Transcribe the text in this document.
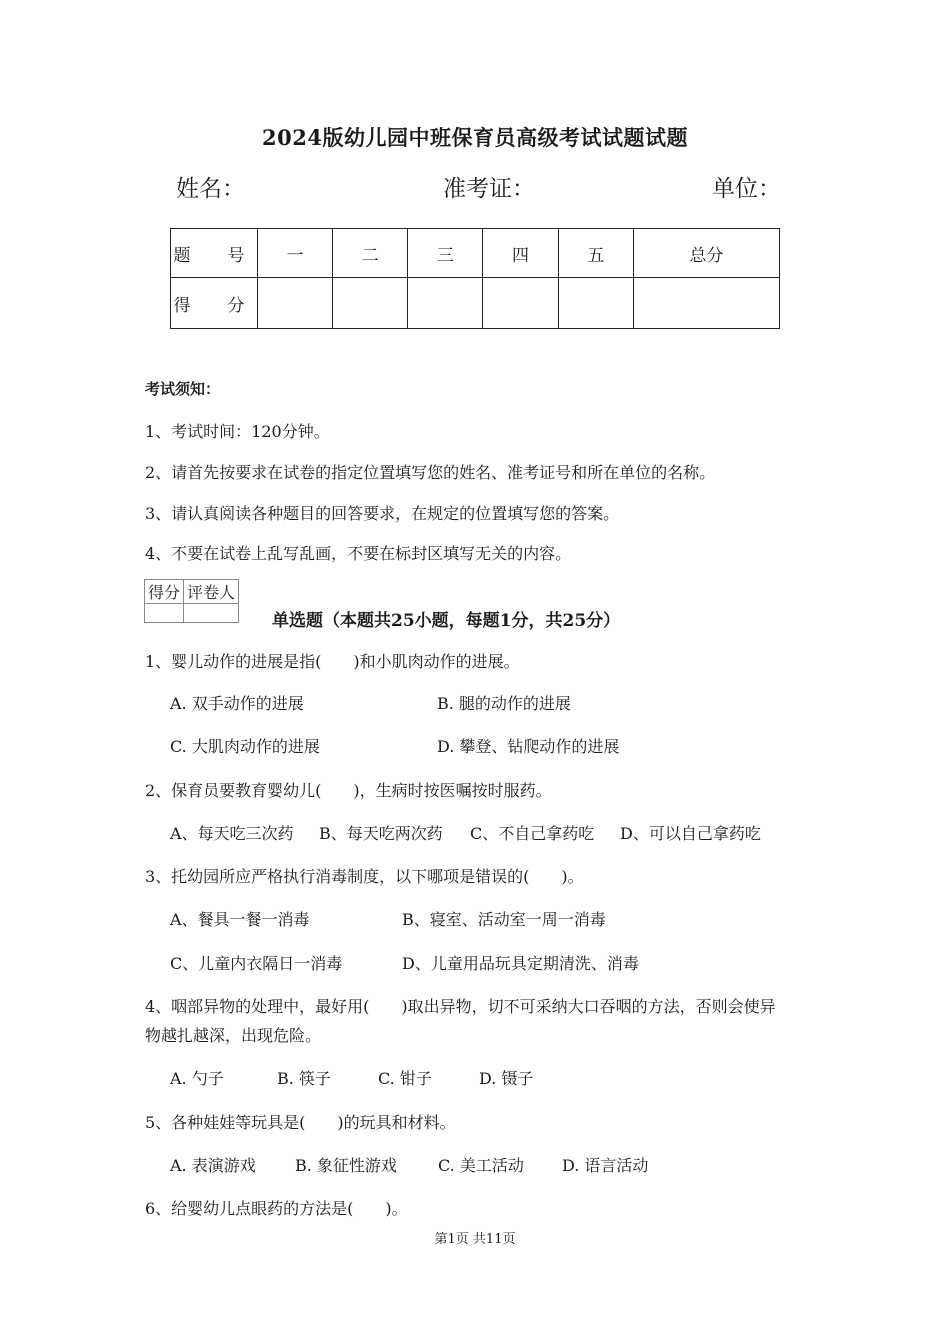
2024版幼儿园中班保育员高级考试试题试题
姓名：	准考证：	单位：
题　号	一	二	三	四	五	总分
得　分						
考试须知：
1、考试时间：120分钟。
2、请首先按要求在试卷的指定位置填写您的姓名、准考证号和所在单位的名称。
3、请认真阅读各种题目的回答要求，在规定的位置填写您的答案。
4、不要在试卷上乱写乱画，不要在标封区填写无关的内容。
得分	评卷人

单选题（本题共25小题，每题1分，共25分）
1、婴儿动作的进展是指(　　)和小肌肉动作的进展。
A. 双手动作的进展	B. 腿的动作的进展
C. 大肌肉动作的进展	D. 攀登、钻爬动作的进展
2、保育员要教育婴幼儿(　　)，生病时按医嘱按时服药。
A、每天吃三次药 B、每天吃两次药 C、不自己拿药吃 D、可以自己拿药吃
3、托幼园所应严格执行消毒制度，以下哪项是错误的(　　)。
A、餐具一餐一消毒	B、寝室、活动室一周一消毒
C、儿童内衣隔日一消毒	D、儿童用品玩具定期清洗、消毒
4、咽部异物的处理中，最好用(　　)取出异物，切不可采纳大口吞咽的方法，否则会使异
物越扎越深，出现危险。
A. 勺子	B. 筷子	C. 钳子	D. 镊子
5、各种娃娃等玩具是(　　)的玩具和材料。
A. 表演游戏 B. 象征性游戏	C. 美工活动 D. 语言活动
6、给婴幼儿点眼药的方法是(　　)。
第1页 共11页
